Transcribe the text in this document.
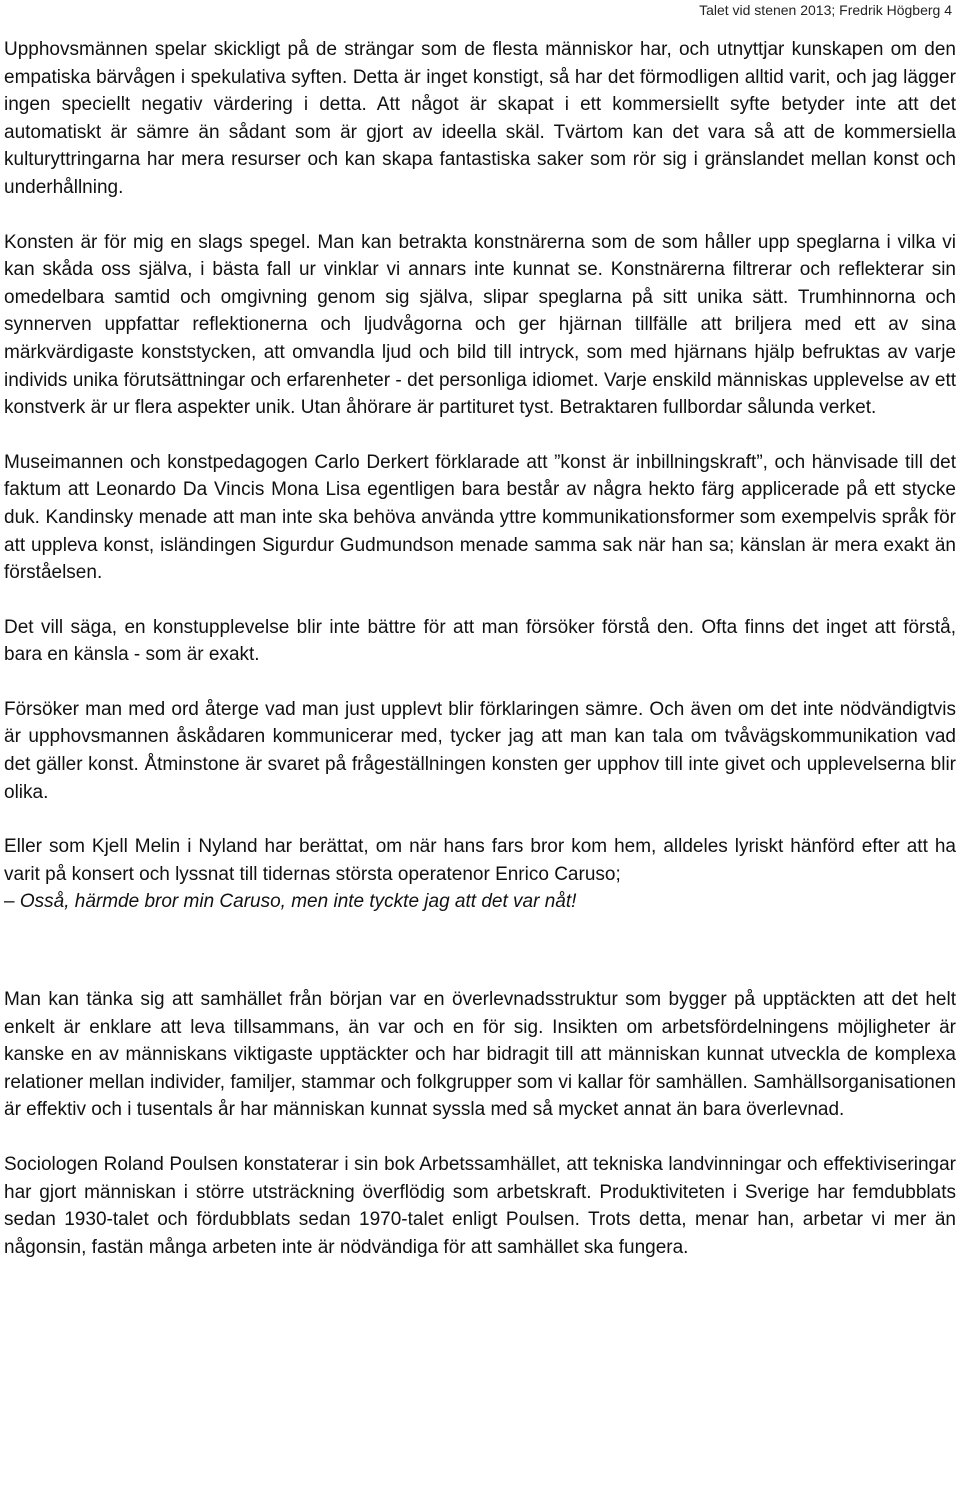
Talet vid stenen 2013; Fredrik Högberg 4

Upphovsmännen spelar skickligt på de strängar som de flesta människor har, och utnyttjar kunskapen om den empatiska bärvågen i spekulativa syften. Detta är inget konstigt, så har det förmodligen alltid varit, och jag lägger ingen speciellt negativ värdering i detta. Att något är skapat i ett kommersiellt syfte betyder inte att det automatiskt är sämre än sådant som är gjort av ideella skäl. Tvärtom kan det vara så att de kommersiella kulturyttringarna har mera resurser och kan skapa fantastiska saker som rör sig i gränslandet mellan konst och underhållning.

Konsten är för mig en slags spegel. Man kan betrakta konstnärerna som de som håller upp speglarna i vilka vi kan skåda oss själva, i bästa fall ur vinklar vi annars inte kunnat se. Konstnärerna filtrerar och reflekterar sin omedelbara samtid och omgivning genom sig själva, slipar speglarna på sitt unika sätt. Trumhinnorna och synnerven uppfattar reflektionerna och ljudvågorna och ger hjärnan tillfälle att briljera med ett av sina märkvärdigaste konststycken, att omvandla ljud och bild till intryck, som med hjärnans hjälp befruktas av varje individs unika förutsättningar och erfarenheter - det personliga idiomet. Varje enskild människas upplevelse av ett konstverk är ur flera aspekter unik. Utan åhörare är partituret tyst. Betraktaren fullbordar sålunda verket.

Museimannen och konstpedagogen Carlo Derkert förklarade att ”konst är inbillningskraft”, och hänvisade till det faktum att Leonardo Da Vincis Mona Lisa egentligen bara består av några hekto färg applicerade på ett stycke duk. Kandinsky menade att man inte ska behöva använda yttre kommunikationsformer som exempelvis språk för att uppleva konst, isländingen Sigurdur Gudmundson menade samma sak när han sa; känslan är mera exakt än förståelsen.

Det vill säga, en konstupplevelse blir inte bättre för att man försöker förstå den. Ofta finns det inget att förstå, bara en känsla - som är exakt.

Försöker man med ord återge vad man just upplevt blir förklaringen sämre. Och även om det inte nödvändigtvis är upphovsmannen åskådaren kommunicerar med, tycker jag att man kan tala om tvåvägskommunikation vad det gäller konst. Åtminstone är svaret på frågeställningen konsten ger upphov till inte givet och upplevelserna blir olika.

Eller som Kjell Melin i Nyland har berättat, om när hans fars bror kom hem, alldeles lyriskt hänförd efter att ha varit på konsert och lyssnat till tidernas största operatenor Enrico Caruso;

– Osså, härmde bror min Caruso, men inte tyckte jag att det var nåt!

Man kan tänka sig att samhället från början var en överlevnadsstruktur som bygger på upptäckten att det helt enkelt är enklare att leva tillsammans, än var och en för sig. Insikten om arbetsfördelningens möjligheter är kanske en av människans viktigaste upptäckter och har bidragit till att människan kunnat utveckla de komplexa relationer mellan individer, familjer, stammar och folkgrupper som vi kallar för samhällen. Samhällsorganisationen är effektiv och i tusentals år har människan kunnat syssla med så mycket annat än bara överlevnad.

Sociologen Roland Poulsen konstaterar i sin bok Arbetssamhället, att tekniska landvinningar och effektiviseringar har gjort människan i större utsträckning överflödig som arbetskraft. Produktiviteten i Sverige har femdubblats sedan 1930-talet och fördubblats sedan 1970-talet enligt Poulsen. Trots detta, menar han, arbetar vi mer än någonsin, fastän många arbeten inte är nödvändiga för att samhället ska fungera.
